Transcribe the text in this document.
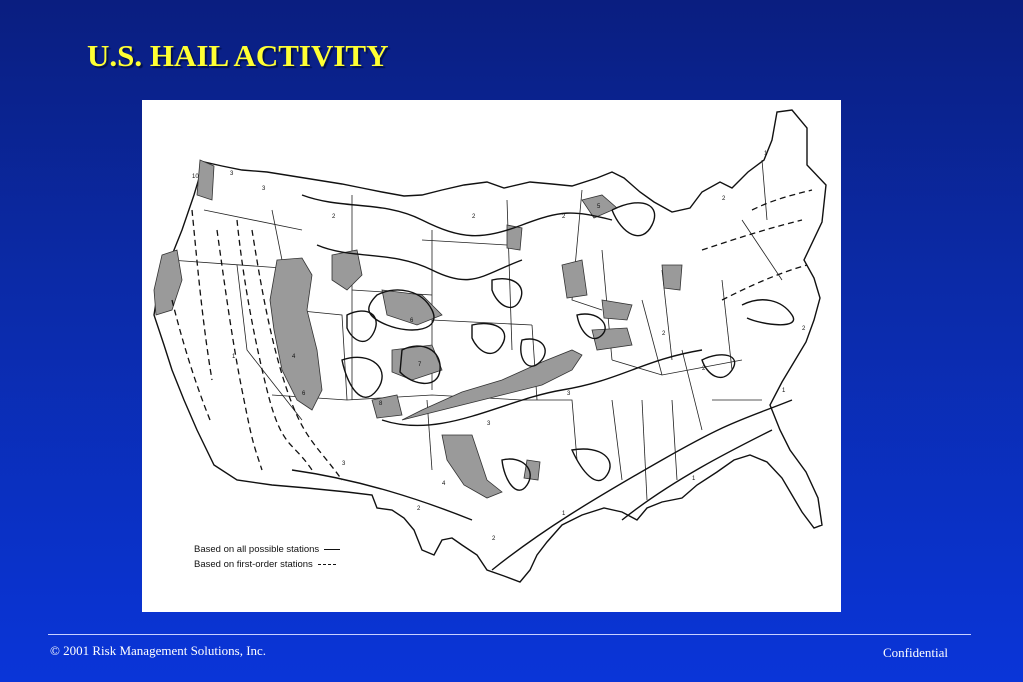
U.S. HAIL ACTIVITY
10	3
3
2	2	2
6
7
8
4
6
4
3
3
2
2
1
1
1
2
2
1
3
5
2
1
2
Based on all possible stations
Based on first-order stations
© 2001 Risk Management Solutions, Inc.	Confidential
